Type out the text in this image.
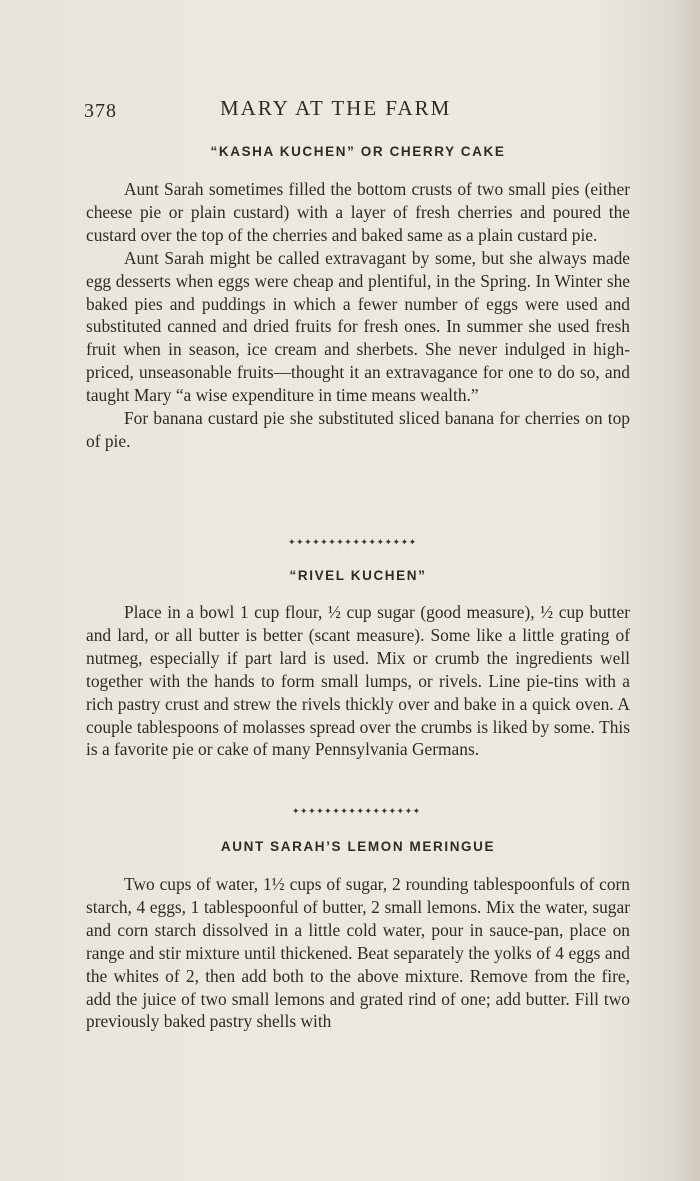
378	MARY AT THE FARM
“KASHA KUCHEN” OR CHERRY CAKE

Aunt Sarah sometimes filled the bottom crusts of two small pies (either cheese pie or plain custard) with a layer of fresh cherries and poured the custard over the top of the cherries and baked same as a plain custard pie.

Aunt Sarah might be called extravagant by some, but she always made egg desserts when eggs were cheap and plentiful, in the Spring. In Winter she baked pies and puddings in which a fewer number of eggs were used and substituted canned and dried fruits for fresh ones. In summer she used fresh fruit when in season, ice cream and sherbets. She never indulged in high-priced, unseasonable fruits—thought it an extravagance for one to do so, and taught Mary “a wise expenditure in time means wealth.”

For banana custard pie she substituted sliced banana for cherries on top of pie.

✦✦✦✦✦✦✦✦✦✦✦✦✦✦✦✦
“RIVEL KUCHEN”

Place in a bowl 1 cup flour, ½ cup sugar (good measure), ½ cup butter and lard, or all butter is better (scant measure). Some like a little grating of nutmeg, especially if part lard is used. Mix or crumb the ingredients well together with the hands to form small lumps, or rivels. Line pie-tins with a rich pastry crust and strew the rivels thickly over and bake in a quick oven. A couple tablespoons of molasses spread over the crumbs is liked by some. This is a favorite pie or cake of many Pennsylvania Germans.

✦✦✦✦✦✦✦✦✦✦✦✦✦✦✦✦
AUNT SARAH’S LEMON MERINGUE

Two cups of water, 1½ cups of sugar, 2 rounding tablespoonfuls of corn starch, 4 eggs, 1 tablespoonful of butter, 2 small lemons. Mix the water, sugar and corn starch dissolved in a little cold water, pour in sauce-pan, place on range and stir mixture until thickened. Beat separately the yolks of 4 eggs and the whites of 2, then add both to the above mixture. Remove from the fire, add the juice of two small lemons and grated rind of one; add butter. Fill two previously baked pastry shells with
